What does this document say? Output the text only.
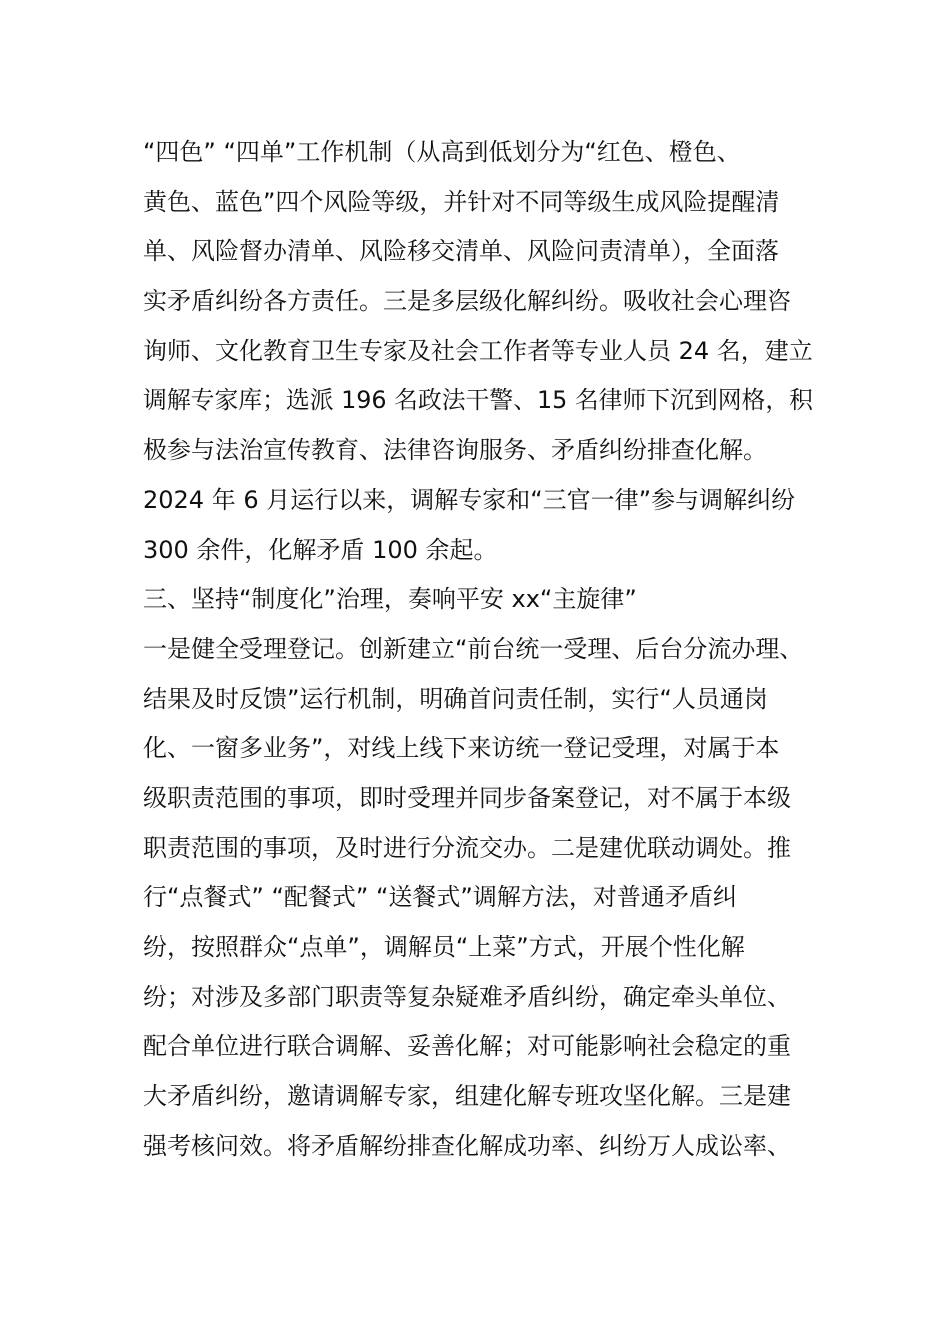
“四色” “四单”工作机制（从高到低划分为“红色、橙色、
黄色、蓝色”四个风险等级，并针对不同等级生成风险提醒清
单、风险督办清单、风险移交清单、风险问责清单），全面落
实矛盾纠纷各方责任。三是多层级化解纠纷。吸收社会心理咨
询师、文化教育卫生专家及社会工作者等专业人员 24 名，建立
调解专家库；选派 196 名政法干警、15 名律师下沉到网格，积
极参与法治宣传教育、法律咨询服务、矛盾纠纷排查化解。
2024 年 6 月运行以来，调解专家和“三官一律”参与调解纠纷
300 余件，化解矛盾 100 余起。
三、坚持“制度化”治理，奏响平安 xx“主旋律”
一是健全受理登记。创新建立“前台统一受理、后台分流办理、
结果及时反馈”运行机制，明确首问责任制，实行“人员通岗
化、一窗多业务”，对线上线下来访统一登记受理，对属于本
级职责范围的事项，即时受理并同步备案登记，对不属于本级
职责范围的事项，及时进行分流交办。二是建优联动调处。推
行“点餐式” “配餐式” “送餐式”调解方法，对普通矛盾纠
纷，按照群众“点单”，调解员“上菜”方式，开展个性化解
纷；对涉及多部门职责等复杂疑难矛盾纠纷，确定牵头单位、
配合单位进行联合调解、妥善化解；对可能影响社会稳定的重
大矛盾纠纷，邀请调解专家，组建化解专班攻坚化解。三是建
强考核问效。将矛盾解纷排查化解成功率、纠纷万人成讼率、
